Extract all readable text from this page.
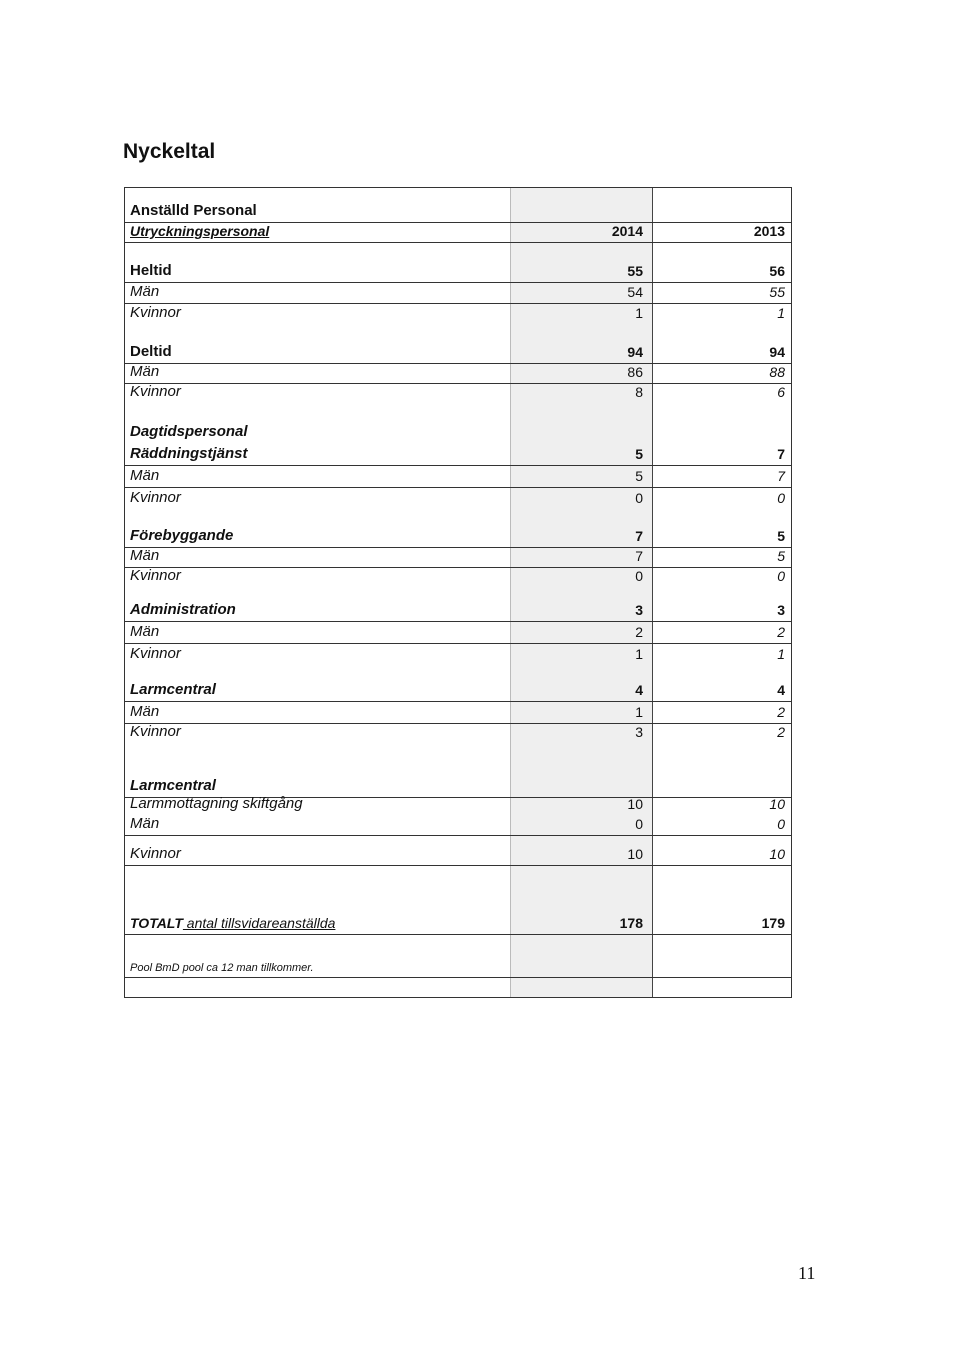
Nyckeltal
Anställd Personal
Utryckningspersonal	2014	2013
Heltid	55	56
Män	54	55
Kvinnor	1	1
Deltid	94	94
Män	86	88
Kvinnor	8	6
Dagtidspersonal
Räddningstjänst	5	7
Män	5	7
Kvinnor	0	0
Förebyggande	7	5
Män	7	5
Kvinnor	0	0
Administration	3	3
Män	2	2
Kvinnor	1	1
Larmcentral	4	4
Män	1	2
Kvinnor	3	2
Larmcentral
Larmmottagning skiftgång	10	10
Män	0	0
Kvinnor	10	10
TOTALT antal tillsvidareanställda	178	179
Pool BmD pool ca 12 man tillkommer.
11
